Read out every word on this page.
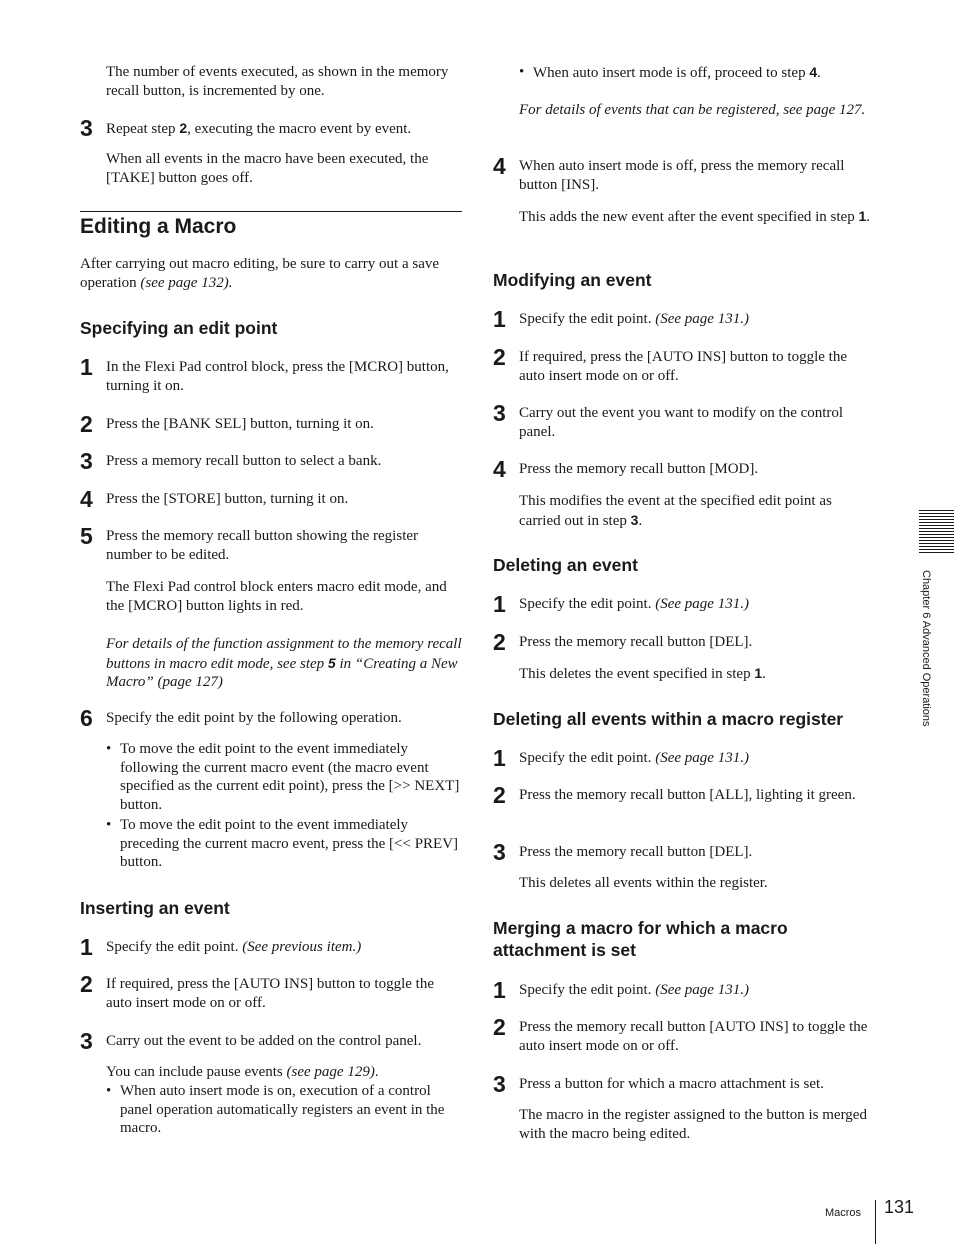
The number of events executed, as shown in the memory recall button, is incremented by one.
3 Repeat step 2, executing the macro event by event.
When all events in the macro have been executed, the [TAKE] button goes off.
Editing a Macro
After carrying out macro editing, be sure to carry out a save operation (see page 132).
Specifying an edit point
1 In the Flexi Pad control block, press the [MCRO] button, turning it on.
2 Press the [BANK SEL] button, turning it on.
3 Press a memory recall button to select a bank.
4 Press the [STORE] button, turning it on.
5 Press the memory recall button showing the register number to be edited.
The Flexi Pad control block enters macro edit mode, and the [MCRO] button lights in red.
For details of the function assignment to the memory recall buttons in macro edit mode, see step 5 in “Creating a New Macro” (page 127)
6 Specify the edit point by the following operation.
• To move the edit point to the event immediately following the current macro event (the macro event specified as the current edit point), press the [>> NEXT] button.
• To move the edit point to the event immediately preceding the current macro event, press the [<< PREV] button.
Inserting an event
1 Specify the edit point. (See previous item.)
2 If required, press the [AUTO INS] button to toggle the auto insert mode on or off.
3 Carry out the event to be added on the control panel.
You can include pause events (see page 129).
• When auto insert mode is on, execution of a control panel operation automatically registers an event in the macro.
• When auto insert mode is off, proceed to step 4.
For details of events that can be registered, see page 127.
4 When auto insert mode is off, press the memory recall button [INS].
This adds the new event after the event specified in step 1.
Modifying an event
1 Specify the edit point. (See page 131.)
2 If required, press the [AUTO INS] button to toggle the auto insert mode on or off.
3 Carry out the event you want to modify on the control panel.
4 Press the memory recall button [MOD].
This modifies the event at the specified edit point as carried out in step 3.
Deleting an event
1 Specify the edit point. (See page 131.)
2 Press the memory recall button [DEL].
This deletes the event specified in step 1.
Deleting all events within a macro register
1 Specify the edit point. (See page 131.)
2 Press the memory recall button [ALL], lighting it green.
3 Press the memory recall button [DEL].
This deletes all events within the register.
Merging a macro for which a macro attachment is set
1 Specify the edit point. (See page 131.)
2 Press the memory recall button [AUTO INS] to toggle the auto insert mode on or off.
3 Press a button for which a macro attachment is set.
The macro in the register assigned to the button is merged with the macro being edited.
Chapter 6 Advanced Operations
Macros 131
